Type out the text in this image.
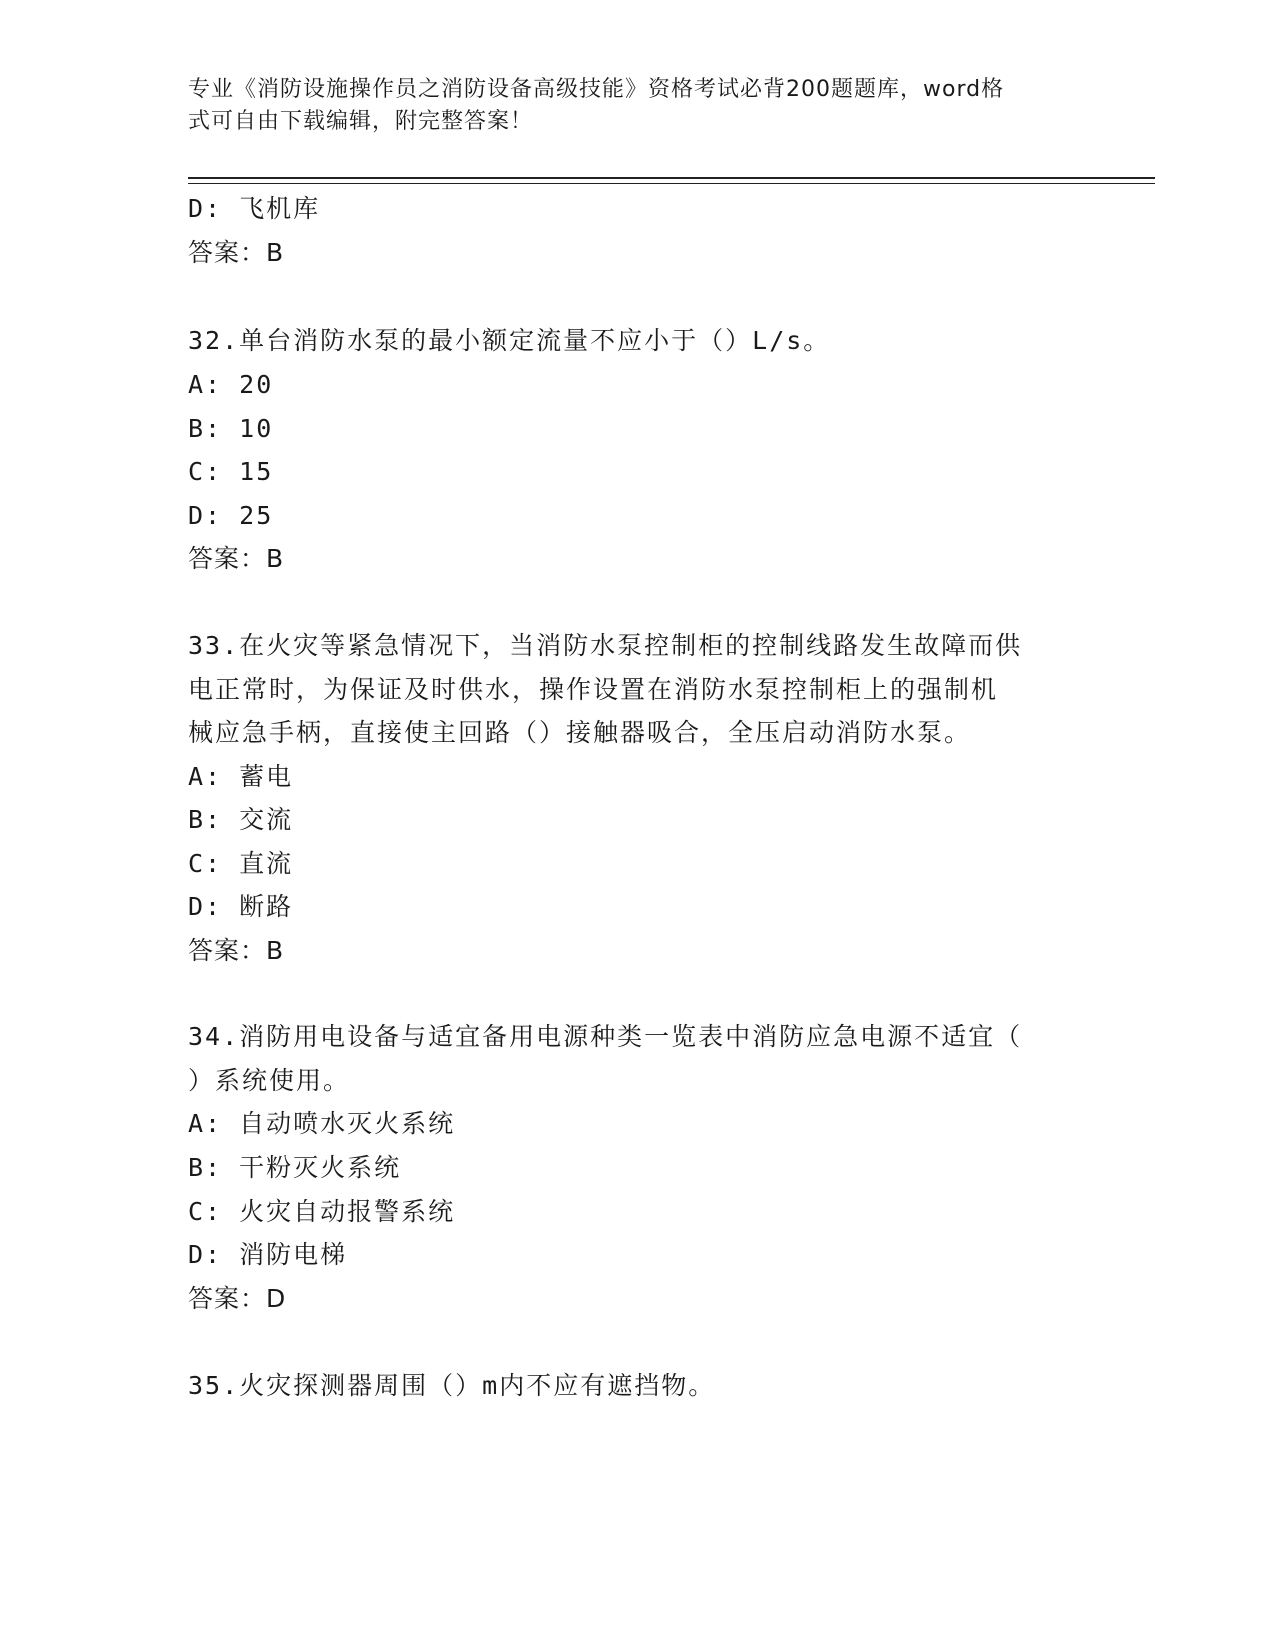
专业《消防设施操作员之消防设备高级技能》资格考试必背200题题库，word格
式可自由下载编辑，附完整答案！
D: 飞机库
答案：B
32.单台消防水泵的最小额定流量不应小于（）L/s。
A: 20
B: 10
C: 15
D: 25
答案：B
33.在火灾等紧急情况下，当消防水泵控制柜的控制线路发生故障而供
电正常时，为保证及时供水，操作设置在消防水泵控制柜上的强制机
械应急手柄，直接使主回路（）接触器吸合，全压启动消防水泵。
A: 蓄电
B: 交流
C: 直流
D: 断路
答案：B
34.消防用电设备与适宜备用电源种类一览表中消防应急电源不适宜（
）系统使用。
A: 自动喷水灭火系统
B: 干粉灭火系统
C: 火灾自动报警系统
D: 消防电梯
答案：D
35.火灾探测器周围（）m内不应有遮挡物。
